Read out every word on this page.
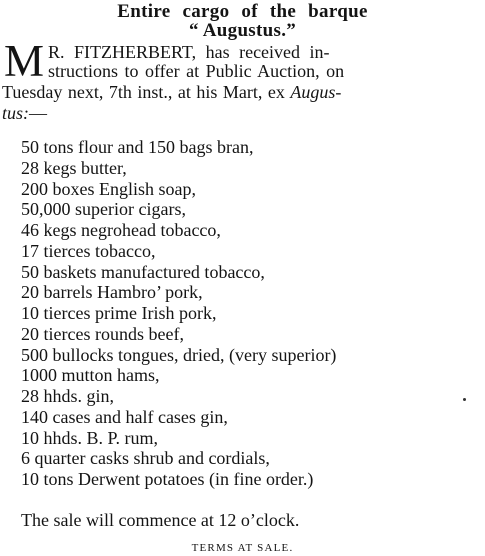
Entire cargo of the barque
“ Augustus.”
M R. FITZHERBERT, has received in-
structions to offer at Public Auction, on
Tuesday next, 7th inst., at his Mart, ex Augus-
tus:—
50 tons flour and 150 bags bran,
28 kegs butter,
200 boxes English soap,
50,000 superior cigars,
46 kegs negrohead tobacco,
17 tierces tobacco,
50 baskets manufactured tobacco,
20 barrels Hambro’ pork,
10 tierces prime Irish pork,
20 tierces rounds beef,
500 bullocks tongues, dried, (very superior)
1000 mutton hams,
28 hhds. gin,
140 cases and half cases gin,
10 hhds. B. P. rum,
6 quarter casks shrub and cordials,
10 tons Derwent potatoes (in fine order.)
The sale will commence at 12 o’clock.
TERMS AT SALE.
